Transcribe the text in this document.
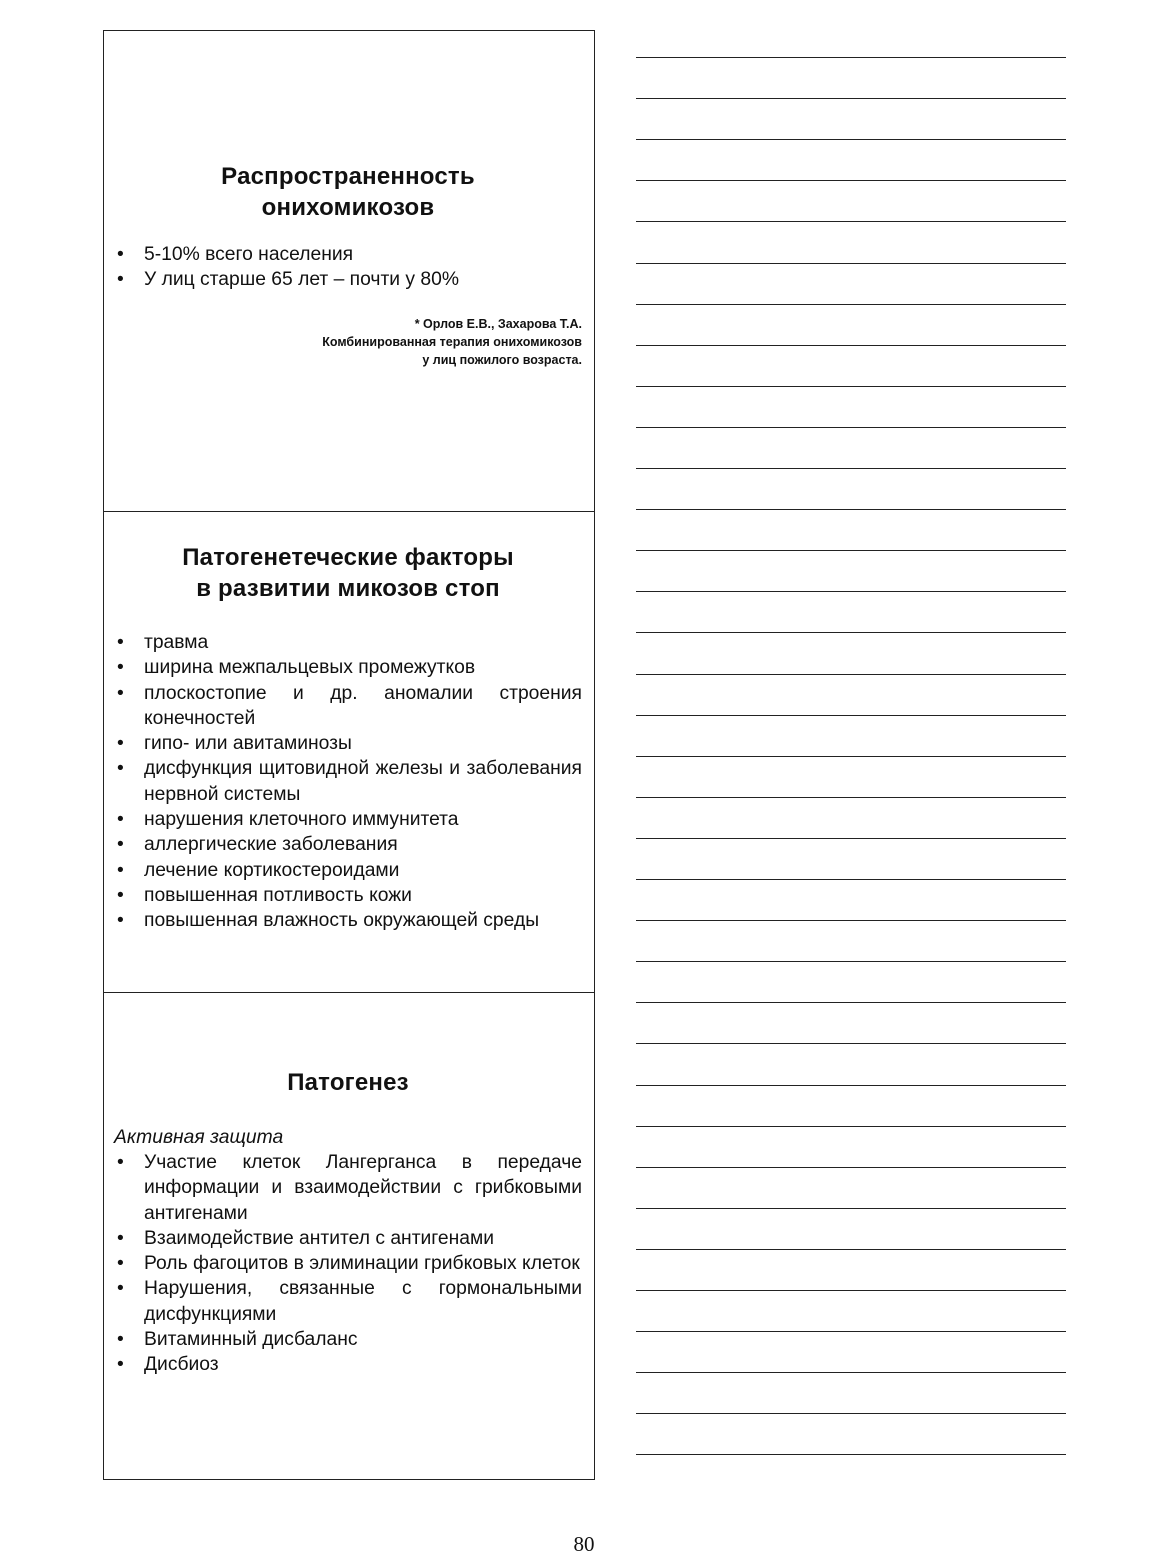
Распространенность
онихомикозов
• 5-10% всего населения
• У лиц старше 65 лет – почти у 80%
* Орлов Е.В., Захарова Т.А.
Комбинированная терапия онихомикозов
у лиц пожилого возраста.
Патогенетеческие факторы
в развитии микозов стоп
• травма
• ширина межпальцевых промежутков
• плоскостопие и др. аномалии строения конечностей
• гипо- или авитаминозы
• дисфункция щитовидной железы и заболевания нервной системы
• нарушения клеточного иммунитета
• аллергические заболевания
• лечение кортикостероидами
• повышенная потливость кожи
• повышенная влажность окружающей среды
Патогенез
Активная защита
• Участие клеток Лангерганса в передаче информации и взаимодействии с грибковыми антигенами
• Взаимодействие антител с антигенами
• Роль фагоцитов в элиминации грибковых клеток
• Нарушения, связанные с гормональными дисфункциями
• Витаминный дисбаланс
• Дисбиоз
80
